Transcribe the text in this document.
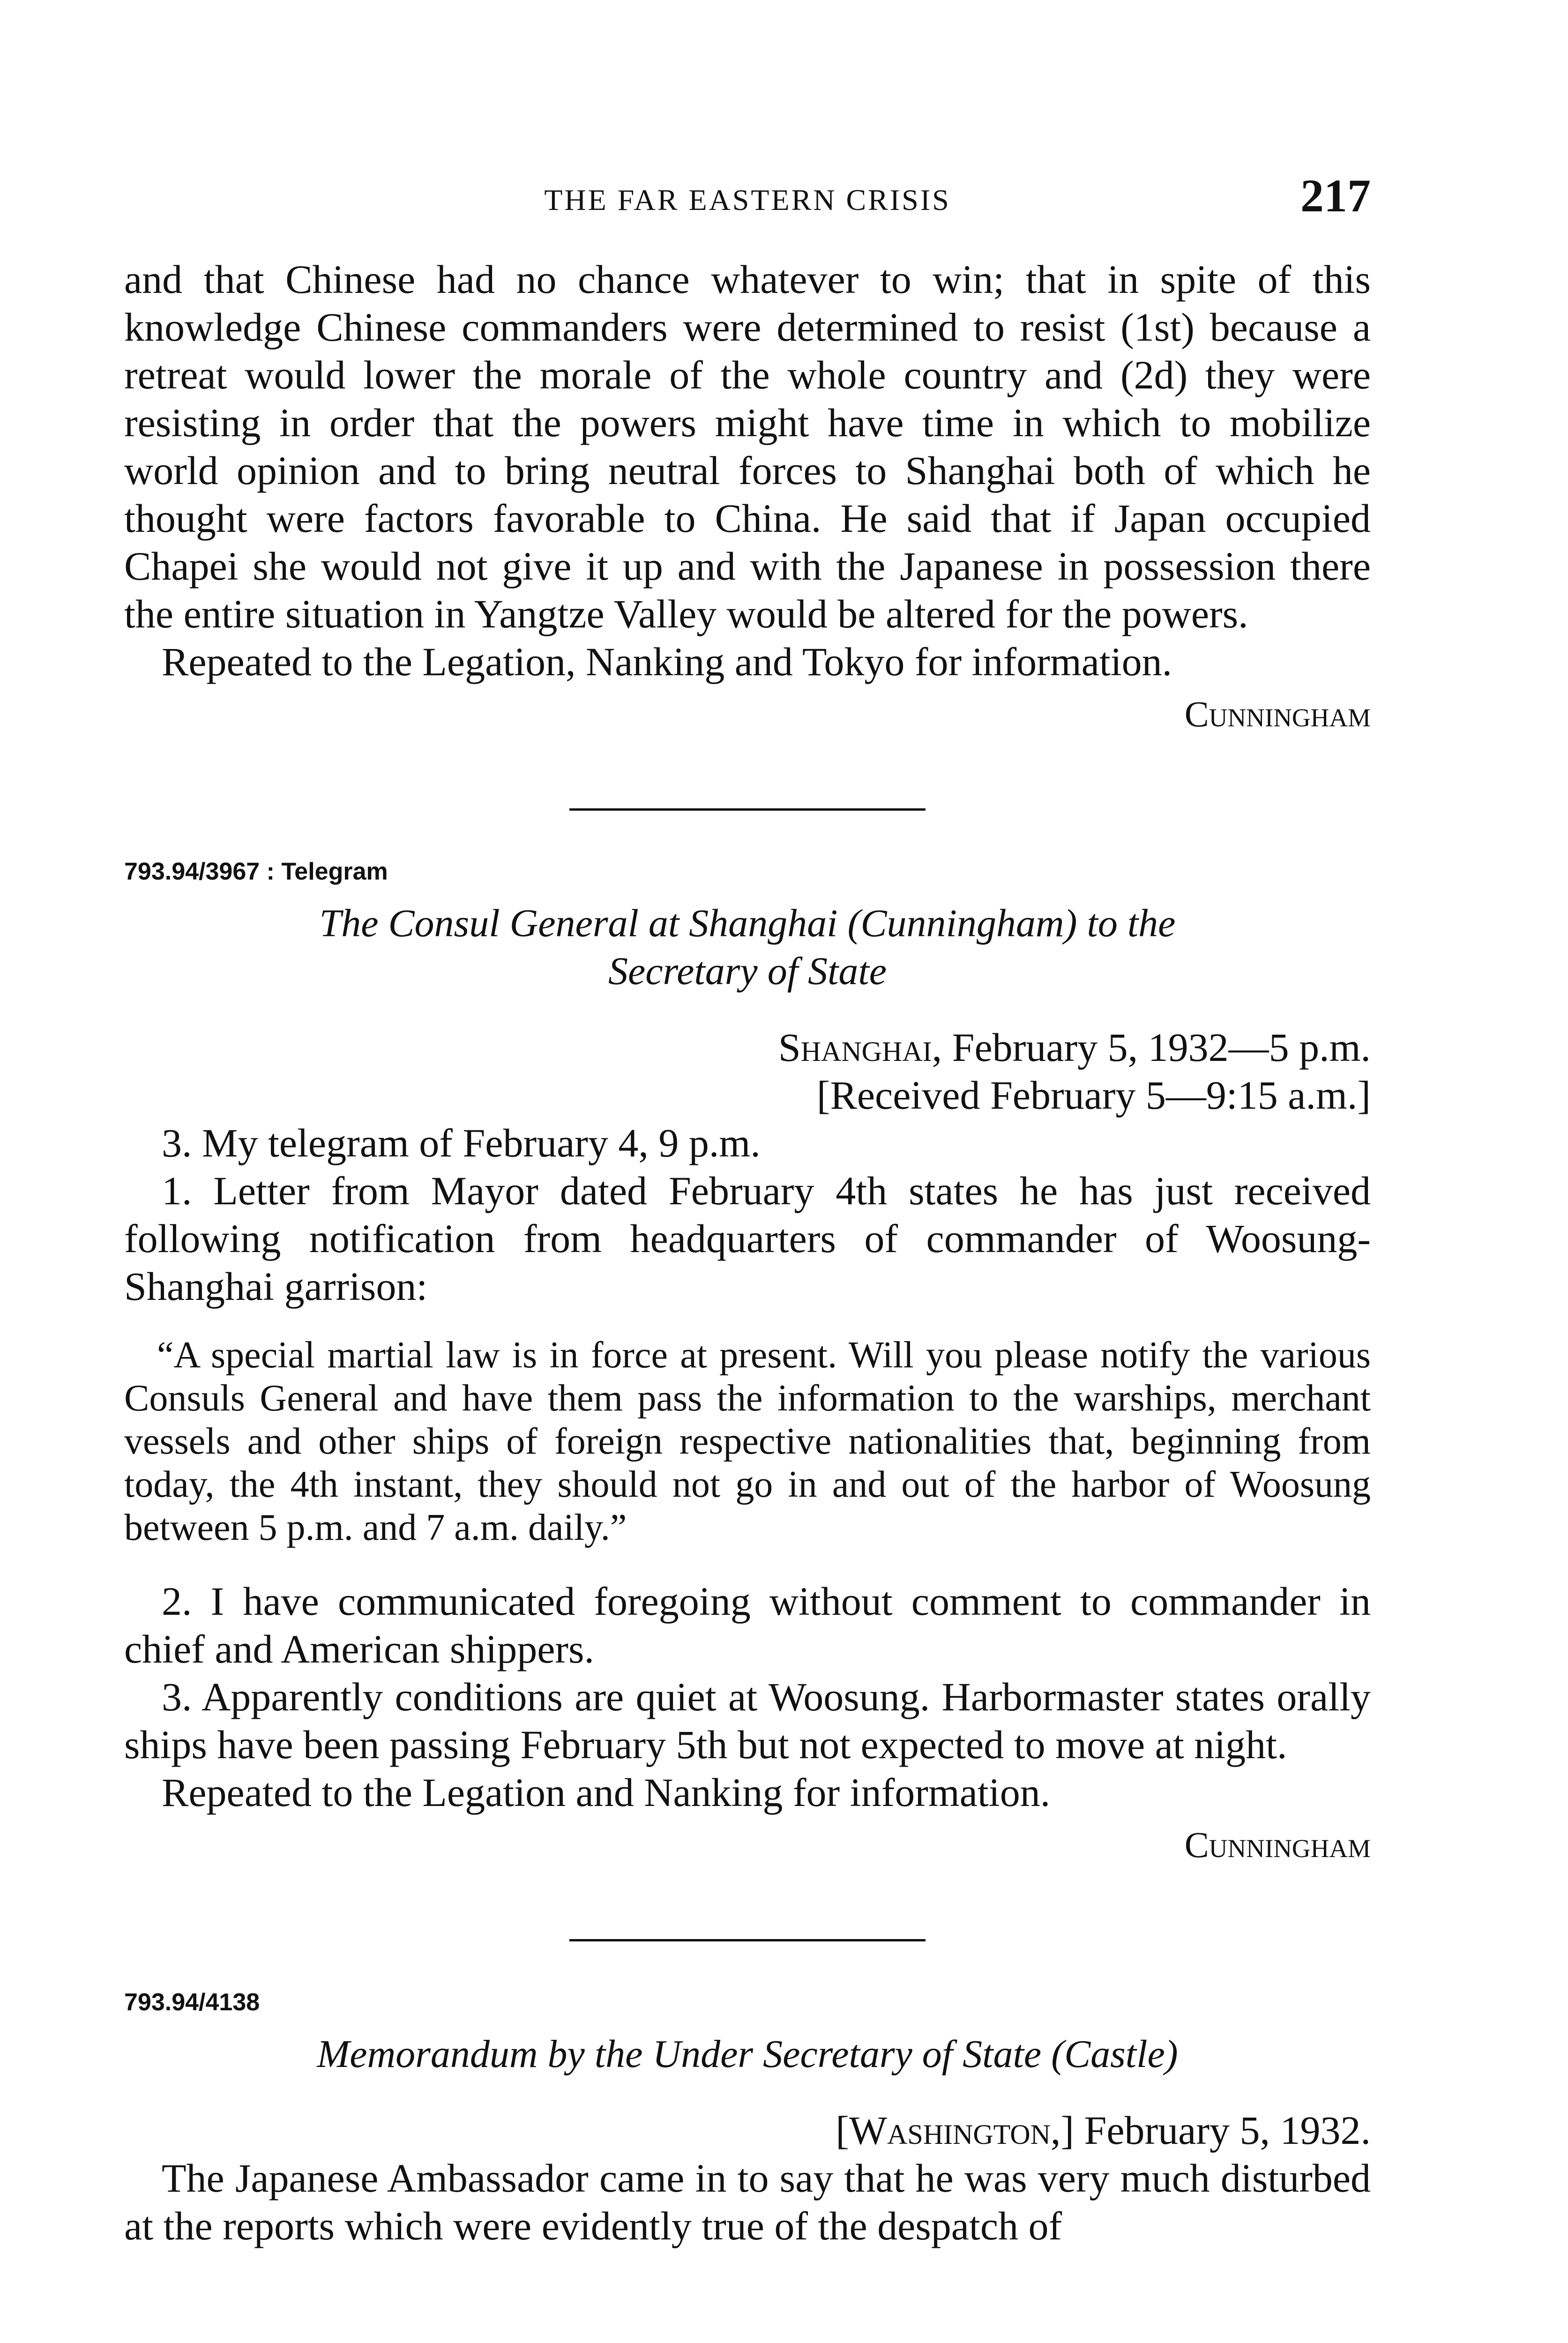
THE FAR EASTERN CRISIS	217

and that Chinese had no chance whatever to win; that in spite of this knowledge Chinese commanders were determined to resist (1st) because a retreat would lower the morale of the whole country and (2d) they were resisting in order that the powers might have time in which to mobilize world opinion and to bring neutral forces to Shanghai both of which he thought were factors favorable to China. He said that if Japan occupied Chapei she would not give it up and with the Japanese in possession there the entire situation in Yangtze Valley would be altered for the powers.

Repeated to the Legation, Nanking and Tokyo for information.

Cunningham
793.94/3967 : Telegram
The Consul General at Shanghai (Cunningham) to the
Secretary of State
Shanghai, February 5, 1932—5 p.m.
[Received February 5—9:15 a.m.]

3. My telegram of February 4, 9 p.m.

1. Letter from Mayor dated February 4th states he has just received following notification from headquarters of commander of Woosung-Shanghai garrison:

“A special martial law is in force at present. Will you please notify the various Consuls General and have them pass the information to the warships, merchant vessels and other ships of foreign respective nationalities that, beginning from today, the 4th instant, they should not go in and out of the harbor of Woosung between 5 p.m. and 7 a.m. daily.”

2. I have communicated foregoing without comment to commander in chief and American shippers.

3. Apparently conditions are quiet at Woosung. Harbormaster states orally ships have been passing February 5th but not expected to move at night.

Repeated to the Legation and Nanking for information.

Cunningham
793.94/4138
Memorandum by the Under Secretary of State (Castle)
[Washington,] February 5, 1932.

The Japanese Ambassador came in to say that he was very much disturbed at the reports which were evidently true of the despatch of
